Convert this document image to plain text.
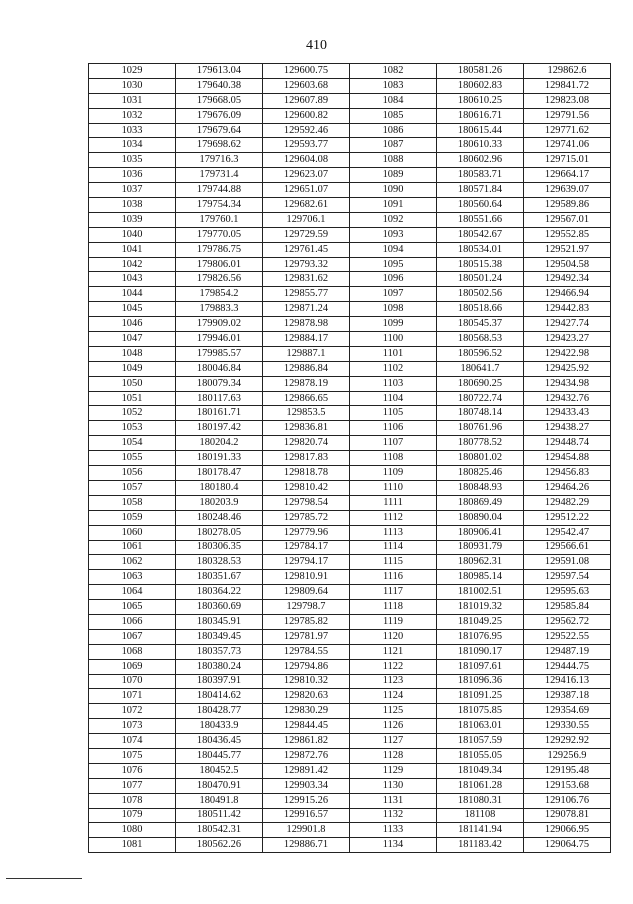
410
1029	179613.04	129600.75	1082	180581.26	129862.6
1030	179640.38	129603.68	1083	180602.83	129841.72
1031	179668.05	129607.89	1084	180610.25	129823.08
1032	179676.09	129600.82	1085	180616.71	129791.56
1033	179679.64	129592.46	1086	180615.44	129771.62
1034	179698.62	129593.77	1087	180610.33	129741.06
1035	179716.3	129604.08	1088	180602.96	129715.01
1036	179731.4	129623.07	1089	180583.71	129664.17
1037	179744.88	129651.07	1090	180571.84	129639.07
1038	179754.34	129682.61	1091	180560.64	129589.86
1039	179760.1	129706.1	1092	180551.66	129567.01
1040	179770.05	129729.59	1093	180542.67	129552.85
1041	179786.75	129761.45	1094	180534.01	129521.97
1042	179806.01	129793.32	1095	180515.38	129504.58
1043	179826.56	129831.62	1096	180501.24	129492.34
1044	179854.2	129855.77	1097	180502.56	129466.94
1045	179883.3	129871.24	1098	180518.66	129442.83
1046	179909.02	129878.98	1099	180545.37	129427.74
1047	179946.01	129884.17	1100	180568.53	129423.27
1048	179985.57	129887.1	1101	180596.52	129422.98
1049	180046.84	129886.84	1102	180641.7	129425.92
1050	180079.34	129878.19	1103	180690.25	129434.98
1051	180117.63	129866.65	1104	180722.74	129432.76
1052	180161.71	129853.5	1105	180748.14	129433.43
1053	180197.42	129836.81	1106	180761.96	129438.27
1054	180204.2	129820.74	1107	180778.52	129448.74
1055	180191.33	129817.83	1108	180801.02	129454.88
1056	180178.47	129818.78	1109	180825.46	129456.83
1057	180180.4	129810.42	1110	180848.93	129464.26
1058	180203.9	129798.54	1111	180869.49	129482.29
1059	180248.46	129785.72	1112	180890.04	129512.22
1060	180278.05	129779.96	1113	180906.41	129542.47
1061	180306.35	129784.17	1114	180931.79	129566.61
1062	180328.53	129794.17	1115	180962.31	129591.08
1063	180351.67	129810.91	1116	180985.14	129597.54
1064	180364.22	129809.64	1117	181002.51	129595.63
1065	180360.69	129798.7	1118	181019.32	129585.84
1066	180345.91	129785.82	1119	181049.25	129562.72
1067	180349.45	129781.97	1120	181076.95	129522.55
1068	180357.73	129784.55	1121	181090.17	129487.19
1069	180380.24	129794.86	1122	181097.61	129444.75
1070	180397.91	129810.32	1123	181096.36	129416.13
1071	180414.62	129820.63	1124	181091.25	129387.18
1072	180428.77	129830.29	1125	181075.85	129354.69
1073	180433.9	129844.45	1126	181063.01	129330.55
1074	180436.45	129861.82	1127	181057.59	129292.92
1075	180445.77	129872.76	1128	181055.05	129256.9
1076	180452.5	129891.42	1129	181049.34	129195.48
1077	180470.91	129903.34	1130	181061.28	129153.68
1078	180491.8	129915.26	1131	181080.31	129106.76
1079	180511.42	129916.57	1132	181108	129078.81
1080	180542.31	129901.8	1133	181141.94	129066.95
1081	180562.26	129886.71	1134	181183.42	129064.75
